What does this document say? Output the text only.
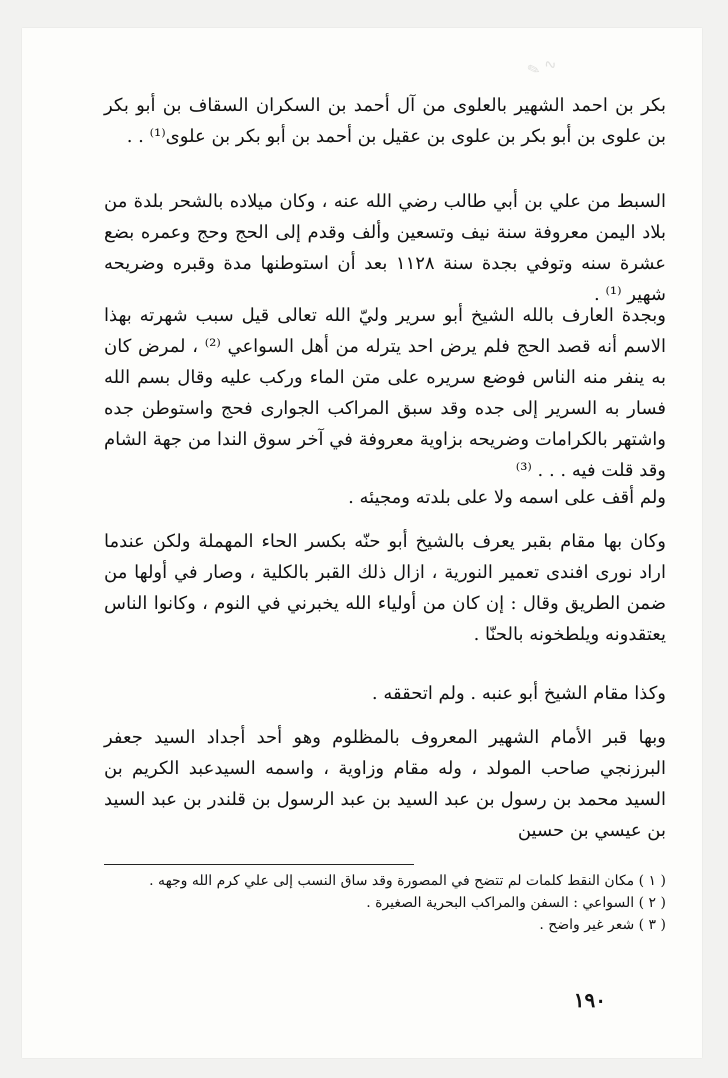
✎ ∿

بكر بن احمد الشهير بالعلوى من آل أحمد بن السكران السقاف بن أبو بكر بن علوى بن أبو بكر بن علوى بن عقيل بن أحمد بن أبو بكر بن علوى⁽¹⁾ . .

السبط من علي بن أبي طالب رضي الله عنه ، وكان ميلاده بالشحر بلدة من بلاد اليمن معروفة سنة نيف وتسعين وألف وقدم إلى الحج وحج وعمره بضع عشرة سنه وتوفي بجدة سنة ١١٢٨ بعد أن استوطنها مدة وقبره وضريحه شهير ⁽¹⁾ .

وبجدة العارف بالله الشيخ أبو سرير وليّ الله تعالى قيل سبب شهرته بهذا الاسم أنه قصد الحج فلم يرض احد يترله من أهل السواعي ⁽²⁾ ، لمرض كان به ينفر منه الناس فوضع سريره على متن الماء وركب عليه وقال بسم الله فسار به السرير إلى جده وقد سبق المراكب الجوارى فحج واستوطن جده واشتهر بالكرامات وضريحه بزاوية معروفة في آخر سوق الندا من جهة الشام وقد قلت فيه . . . ⁽³⁾

ولم أقف على اسمه ولا على بلدته ومجيئه .

وكان بها مقام بقبر يعرف بالشيخ أبو حنّه بكسر الحاء المهملة ولكن عندما اراد نورى افندى تعمير النورية ، ازال ذلك القبر بالكلية ، وصار في أولها من ضمن الطريق وقال : إن كان من أولياء الله يخبرني في النوم ، وكانوا الناس يعتقدونه ويلطخونه بالحنّا .

وكذا مقام الشيخ أبو عنبه . ولم اتحققه .

وبها قبر الأمام الشهير المعروف بالمظلوم وهو أحد أجداد السيد جعفر البرزنجي صاحب المولد ، وله مقام وزاوية ، واسمه السيدعبد الكريم بن السيد محمد بن رسول بن عبد السيد بن عبد الرسول بن قلندر بن عبد السيد بن عيسي بن حسين

( ١ ) مكان النقط كلمات لم تتضح في المصورة وقد ساق النسب إلى علي كرم الله وجهه .

( ٢ ) السواعي : السفن والمراكب البحرية الصغيرة .

( ٣ ) شعر غير واضح .

١٩٠
